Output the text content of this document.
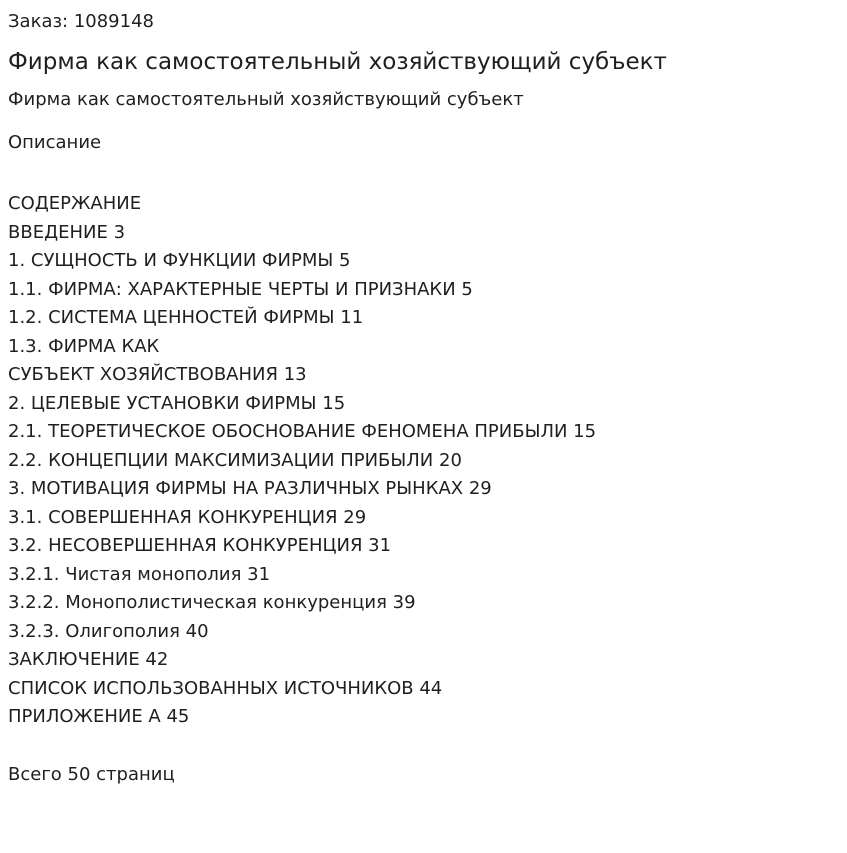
Заказ: 1089148
Фирма как самостоятельный хозяйствующий субъект
Фирма как самостоятельный хозяйствующий субъект
Описание
СОДЕРЖАНИЕ
ВВЕДЕНИЕ 3
1. СУЩНОСТЬ И ФУНКЦИИ ФИРМЫ 5
1.1. ФИРМА: ХАРАКТЕРНЫЕ ЧЕРТЫ И ПРИЗНАКИ 5
1.2. СИСТЕМА ЦЕННОСТЕЙ ФИРМЫ 11
1.3. ФИРМА КАК
СУБЪЕКТ ХОЗЯЙСТВОВАНИЯ 13
2. ЦЕЛЕВЫЕ УСТАНОВКИ ФИРМЫ 15
2.1. ТЕОРЕТИЧЕСКОЕ ОБОСНОВАНИЕ ФЕНОМЕНА ПРИБЫЛИ 15
2.2. КОНЦЕПЦИИ МАКСИМИЗАЦИИ ПРИБЫЛИ 20
3. МОТИВАЦИЯ ФИРМЫ НА РАЗЛИЧНЫХ РЫНКАХ 29
3.1. СОВЕРШЕННАЯ КОНКУРЕНЦИЯ 29
3.2. НЕСОВЕРШЕННАЯ КОНКУРЕНЦИЯ 31
3.2.1. Чистая монополия 31
3.2.2. Монополистическая конкуренция 39
3.2.3. Олигополия 40
ЗАКЛЮЧЕНИЕ 42
СПИСОК ИСПОЛЬЗОВАННЫХ ИСТОЧНИКОВ 44
ПРИЛОЖЕНИЕ А 45
Всего 50 страниц
